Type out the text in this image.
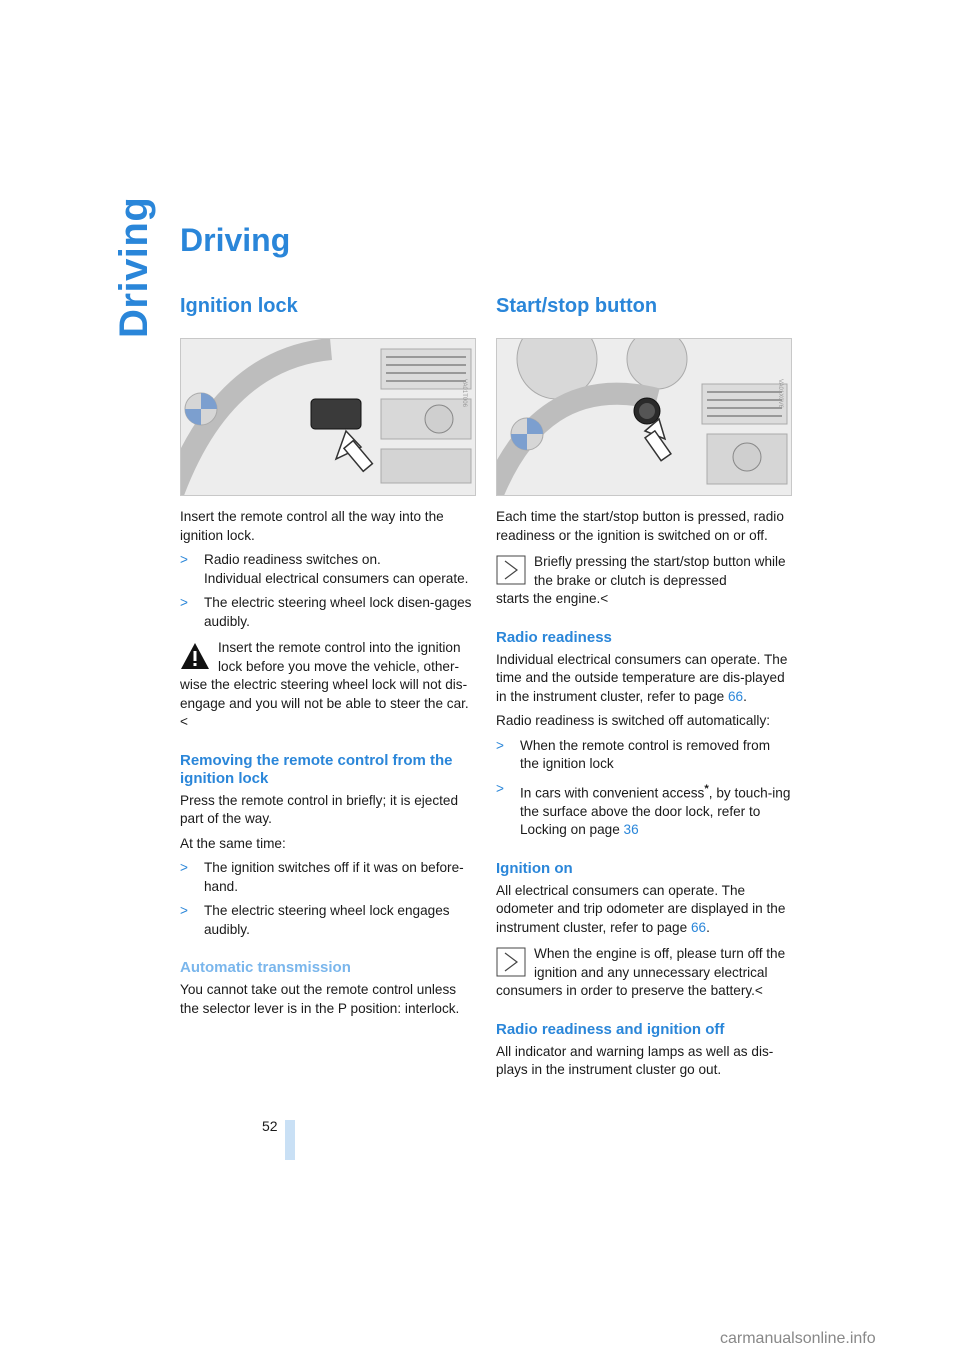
Driving Driving
Ignition lock
VA01T006

Insert the remote control all the way into the ignition lock.

> Radio readiness switches on.
Individual electrical consumers can operate.
> The electric steering wheel lock disen-gages audibly.
Insert the remote control into the ignition lock before you move the vehicle, other-
wise the electric steering wheel lock will not dis-engage and you will not be able to steer the car.<
Removing the remote control from the ignition lock

Press the remote control in briefly; it is ejected part of the way.

At the same time:

> The ignition switches off if it was on before-hand.
> The electric steering wheel lock engages audibly.
Automatic transmission

You cannot take out the remote control unless the selector lever is in the P position: interlock.

Start/stop button
VA01X0V6

Each time the start/stop button is pressed, radio readiness or the ignition is switched on or off.

Briefly pressing the start/stop button while the brake or clutch is depressed
starts the engine.<
Radio readiness

Individual electrical consumers can operate. The time and the outside temperature are dis-played in the instrument cluster, refer to page 66.

Radio readiness is switched off automatically:

> When the remote control is removed from the ignition lock
> In cars with convenient access*, by touch-ing the surface above the door lock, refer to Locking on page 36
Ignition on

All electrical consumers can operate. The odometer and trip odometer are displayed in the instrument cluster, refer to page 66.

When the engine is off, please turn off the ignition and any unnecessary electrical
consumers in order to preserve the battery.<
Radio readiness and ignition off

All indicator and warning lamps as well as dis-plays in the instrument cluster go out.

52
carmanualsonline.info
